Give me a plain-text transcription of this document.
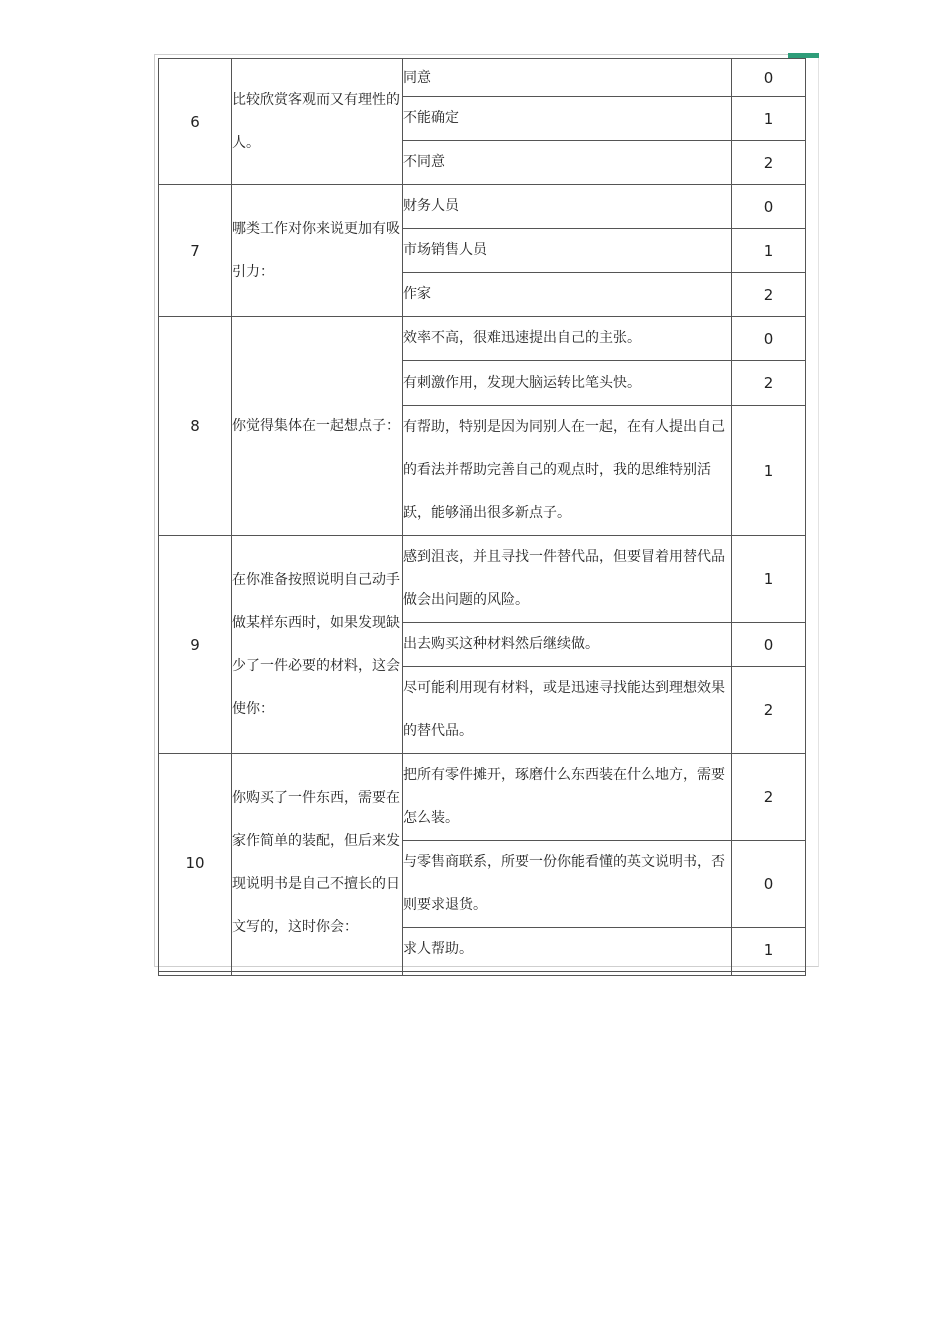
6	比较欣赏客观而又有理性的人。	同意	0
		不能确定	1
		不同意	2
7	哪类工作对你来说更加有吸引力：	财务人员	0
		市场销售人员	1
		作家	2
8	你觉得集体在一起想点子：	效率不高，很难迅速提出自己的主张。	0
		有刺激作用，发现大脑运转比笔头快。	2
		有帮助，特别是因为同别人在一起，在有人提出自己的看法并帮助完善自己的观点时，我的思维特别活跃，能够涌出很多新点子。	1
9	在你准备按照说明自己动手做某样东西时，如果发现缺少了一件必要的材料，这会使你：	感到沮丧，并且寻找一件替代品，但要冒着用替代品做会出问题的风险。	1
		出去购买这种材料然后继续做。	0
		尽可能利用现有材料，或是迅速寻找能达到理想效果的替代品。	2
10	你购买了一件东西，需要在家作简单的装配，但后来发现说明书是自己不擅长的日文写的，这时你会：	把所有零件摊开，琢磨什么东西装在什么地方，需要怎么装。	2
		与零售商联系，所要一份你能看懂的英文说明书，否则要求退货。	0
		求人帮助。	1
